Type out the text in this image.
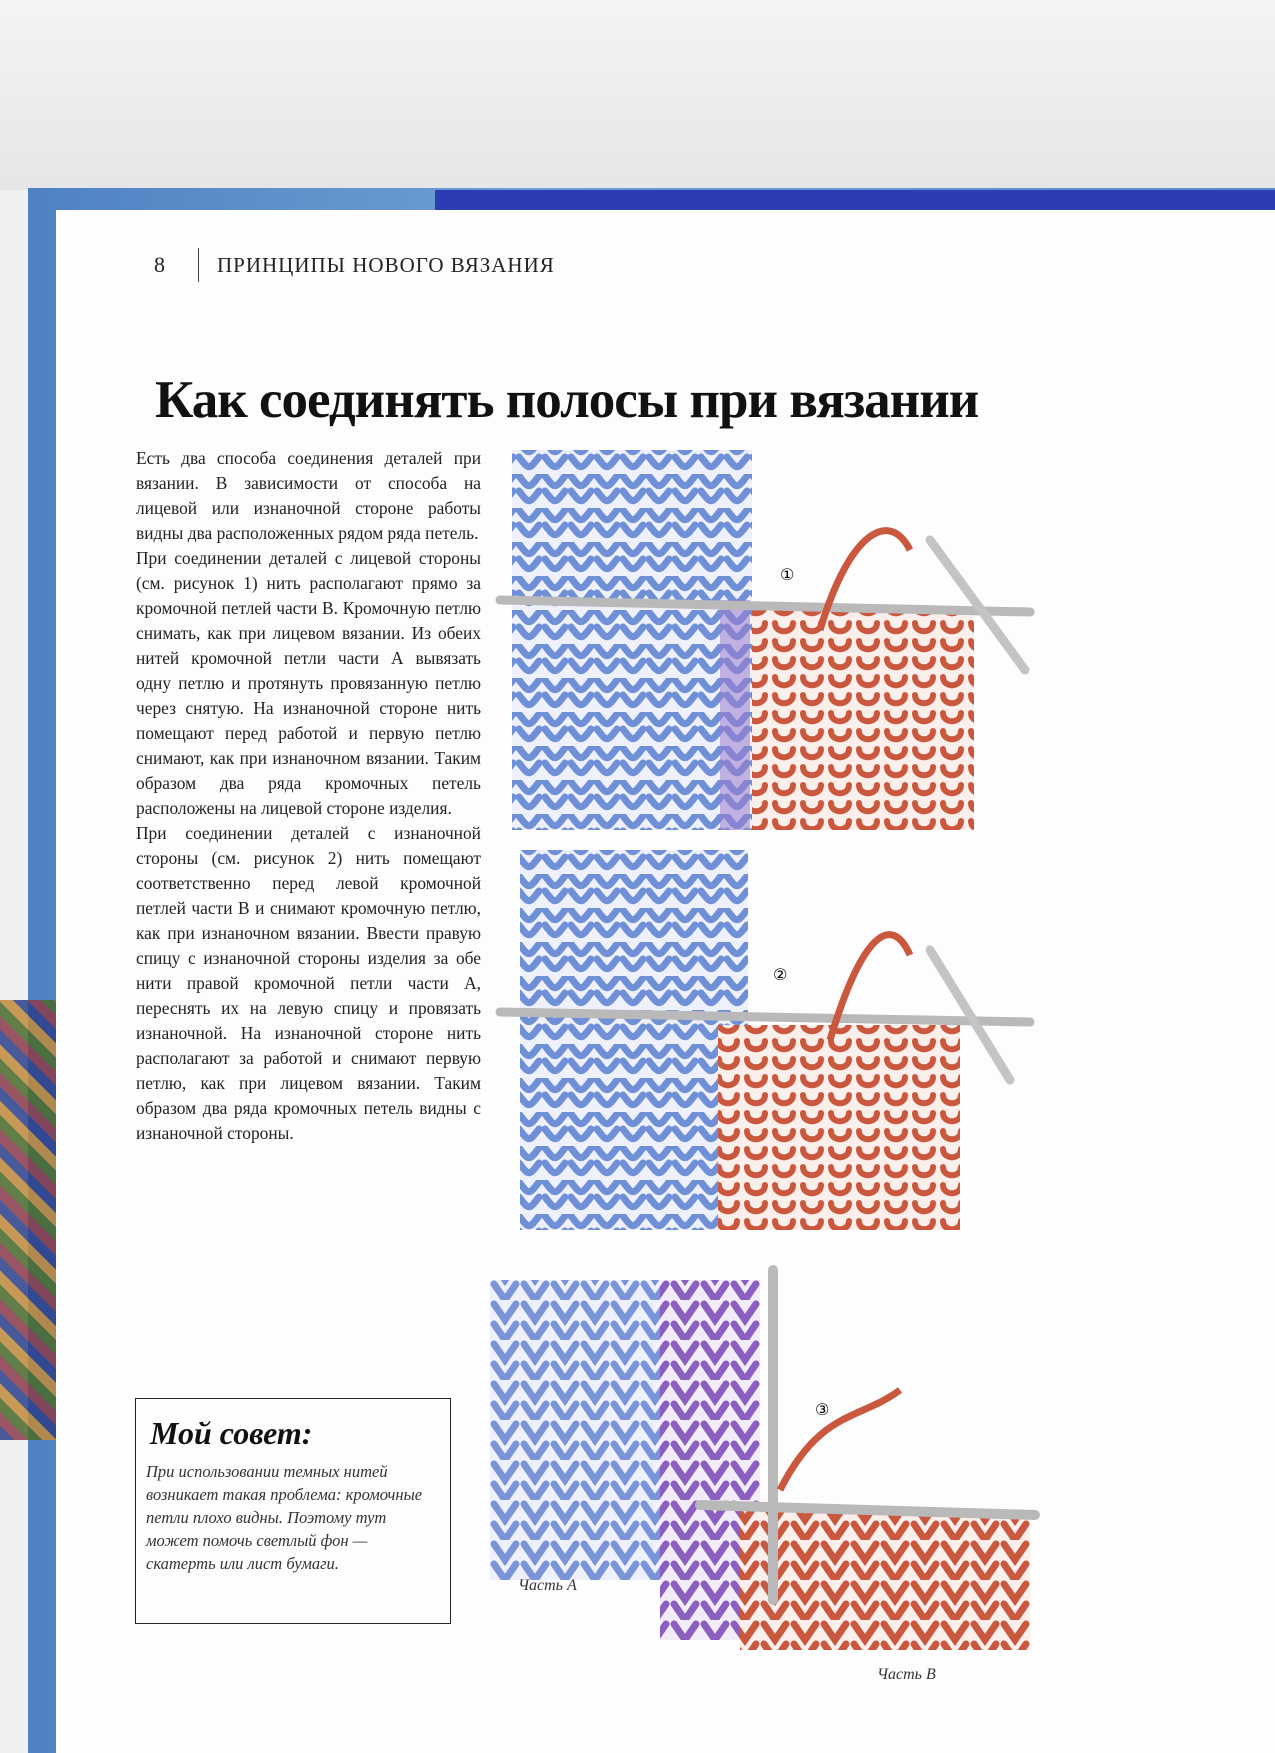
8	ПРИНЦИПЫ НОВОГО ВЯЗАНИЯ
Как соединять полосы при вязании

Есть два способа соединения деталей при вязании. В зависимости от способа на лицевой или изнаночной стороне работы видны два расположенных рядом ряда петель.

При соединении деталей с лицевой стороны (см. рисунок 1) нить располагают прямо за кромочной петлей части В. Кромочную петлю снимать, как при лицевом вязании. Из обеих нитей кромочной петли части А вывязать одну петлю и протянуть провязанную петлю через снятую. На изнаночной стороне нить помещают перед работой и первую петлю снимают, как при изнаночном вязании. Таким образом два ряда кромочных петель расположены на лицевой стороне изделия.

При соединении деталей с изнаночной стороны (см. рисунок 2) нить помещают соответственно перед левой кромочной петлей части В и снимают кромочную петлю, как при изнаночном вязании. Ввести правую спицу с изнаночной стороны изделия за обе нити правой кромочной петли части А, переснять их на левую спицу и провязать изнаночной. На изнаночной стороне нить располагают за работой и снимают первую петлю, как при лицевом вязании. Таким образом два ряда кромочных петель видны с изнаночной стороны.

Мой совет:

При использовании темных нитей возникает такая проблема: кромочные петли плохо видны. Поэтому тут может помочь светлый фон — скатерть или лист бумаги.

①
②
③
Часть А
Часть В
